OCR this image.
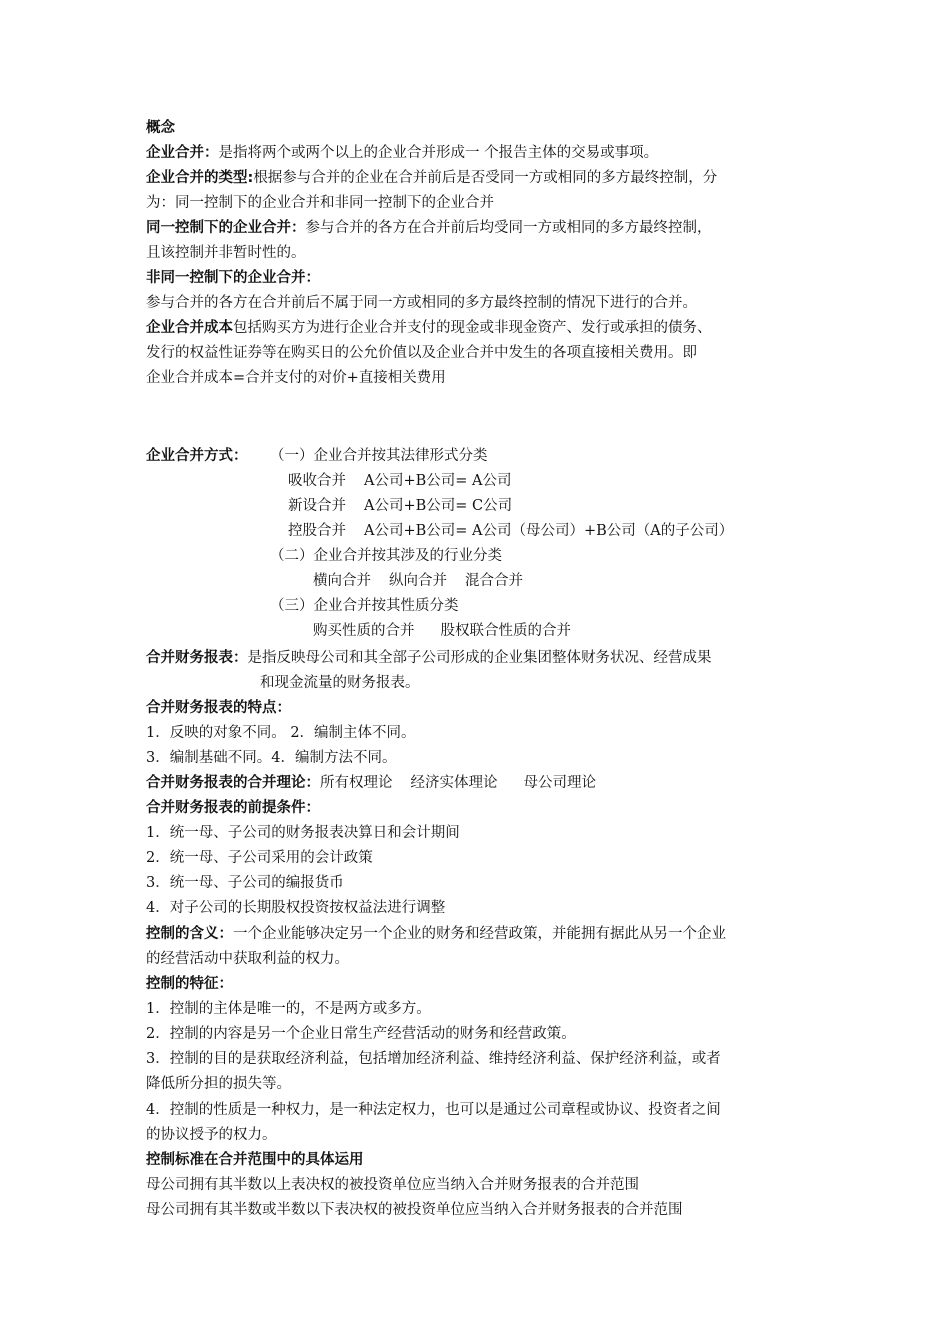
概念
企业合并：是指将两个或两个以上的企业合并形成一 个报告主体的交易或事项。
企业合并的类型:根据参与合并的企业在合并前后是否受同一方或相同的多方最终控制，分
为：同一控制下的企业合并和非同一控制下的企业合并
同一控制下的企业合并：参与合并的各方在合并前后均受同一方或相同的多方最终控制，
且该控制并非暂时性的。
非同一控制下的企业合并：
参与合并的各方在合并前后不属于同一方或相同的多方最终控制的情况下进行的合并。
企业合并成本包括购买方为进行企业合并支付的现金或非现金资产、发行或承担的债务、
发行的权益性证券等在购买日的公允价值以及企业合并中发生的各项直接相关费用。即
企业合并成本=合并支付的对价+直接相关费用
企业合并方式： （一）企业合并按其法律形式分类
吸收合并 A公司+B公司= A公司
新设合并 A公司+B公司= C公司
控股合并 A公司+B公司= A公司（母公司）+B公司（A的子公司）
（二）企业合并按其涉及的行业分类
横向合并 纵向合并 混合合并
（三）企业合并按其性质分类
购买性质的合并 股权联合性质的合并
合并财务报表：是指反映母公司和其全部子公司形成的企业集团整体财务状况、经营成果
和现金流量的财务报表。
合并财务报表的特点：
1．反映的对象不同。 2．编制主体不同。
3．编制基础不同。4．编制方法不同。
合并财务报表的合并理论：所有权理论 经济实体理论 母公司理论
合并财务报表的前提条件：
1．统一母、子公司的财务报表决算日和会计期间
2．统一母、子公司采用的会计政策
3．统一母、子公司的编报货币
4．对子公司的长期股权投资按权益法进行调整
控制的含义：一个企业能够决定另一个企业的财务和经营政策，并能拥有据此从另一个企业
的经营活动中获取利益的权力。
控制的特征：
1．控制的主体是唯一的，不是两方或多方。
2．控制的内容是另一个企业日常生产经营活动的财务和经营政策。
3．控制的目的是获取经济利益，包括增加经济利益、维持经济利益、保护经济利益，或者
降低所分担的损失等。
4．控制的性质是一种权力，是一种法定权力，也可以是通过公司章程或协议、投资者之间
的协议授予的权力。
控制标准在合并范围中的具体运用
母公司拥有其半数以上表决权的被投资单位应当纳入合并财务报表的合并范围
母公司拥有其半数或半数以下表决权的被投资单位应当纳入合并财务报表的合并范围
